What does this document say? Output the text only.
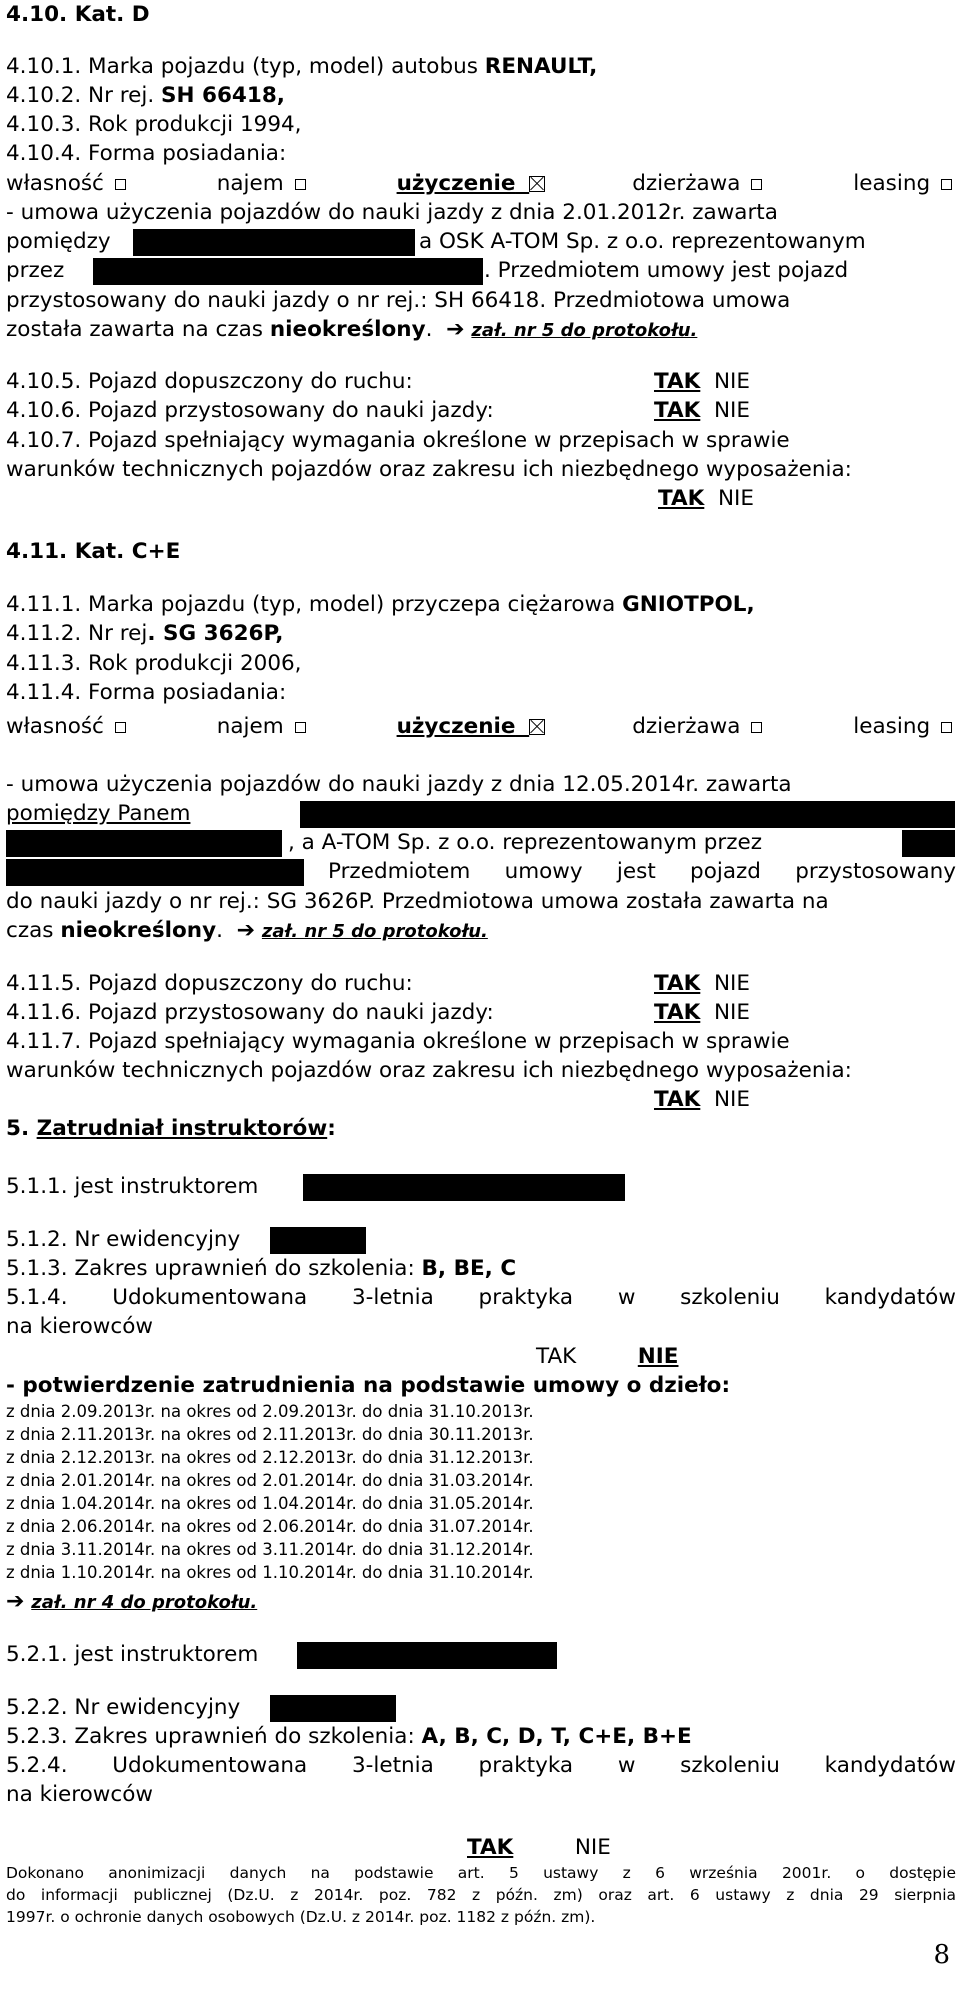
4.10. Kat. D
4.10.1. Marka pojazdu (typ, model) autobus RENAULT,
4.10.2. Nr rej. SH 66418,
4.10.3. Rok produkcji 1994,
4.10.4. Forma posiadania:
własność	najem	użyczenie	dzierżawa	leasing
- umowa użyczenia pojazdów do nauki jazdy z dnia 2.01.2012r. zawarta
pomiędzy	a OSK A-TOM Sp. z o.o. reprezentowanym
przez	. Przedmiotem umowy jest pojazd
przystosowany do nauki jazdy o nr rej.: SH 66418. Przedmiotowa umowa
została zawarta na czas nieokreślony. ➔ zał. nr 5 do protokołu.
4.10.5. Pojazd dopuszczony do ruchu:	TAK NIE
4.10.6. Pojazd przystosowany do nauki jazdy:	TAK NIE
4.10.7. Pojazd spełniający wymagania określone w przepisach w sprawie
warunków technicznych pojazdów oraz zakresu ich niezbędnego wyposażenia:
TAK NIE
4.11. Kat. C+E
4.11.1. Marka pojazdu (typ, model) przyczepa ciężarowa GNIOTPOL,
4.11.2. Nr rej. SG 3626P,
4.11.3. Rok produkcji 2006,
4.11.4. Forma posiadania:
własność	najem	użyczenie	dzierżawa	leasing
- umowa użyczenia pojazdów do nauki jazdy z dnia 12.05.2014r. zawarta
pomiędzy Panem
, a A-TOM Sp. z o.o. reprezentowanym przez
Przedmiotem umowy jest pojazd przystosowany
do nauki jazdy o nr rej.: SG 3626P. Przedmiotowa umowa została zawarta na
czas nieokreślony. ➔ zał. nr 5 do protokołu.
4.11.5. Pojazd dopuszczony do ruchu:	TAK NIE
4.11.6. Pojazd przystosowany do nauki jazdy:	TAK NIE
4.11.7. Pojazd spełniający wymagania określone w przepisach w sprawie
warunków technicznych pojazdów oraz zakresu ich niezbędnego wyposażenia:
TAK NIE
5. Zatrudniał instruktorów:
5.1.1. jest instruktorem
5.1.2. Nr ewidencyjny
5.1.3. Zakres uprawnień do szkolenia: B, BE, C
5.1.4. Udokumentowana 3-letnia praktyka w szkoleniu kandydatów
na kierowców
TAK	NIE
- potwierdzenie zatrudnienia na podstawie umowy o dzieło:
z dnia 2.09.2013r. na okres od 2.09.2013r. do dnia 31.10.2013r.
z dnia 2.11.2013r. na okres od 2.11.2013r. do dnia 30.11.2013r.
z dnia 2.12.2013r. na okres od 2.12.2013r. do dnia 31.12.2013r.
z dnia 2.01.2014r. na okres od 2.01.2014r. do dnia 31.03.2014r.
z dnia 1.04.2014r. na okres od 1.04.2014r. do dnia 31.05.2014r.
z dnia 2.06.2014r. na okres od 2.06.2014r. do dnia 31.07.2014r.
z dnia 3.11.2014r. na okres od 3.11.2014r. do dnia 31.12.2014r.
z dnia 1.10.2014r. na okres od 1.10.2014r. do dnia 31.10.2014r.
➔ zał. nr 4 do protokołu.
5.2.1. jest instruktorem
5.2.2. Nr ewidencyjny
5.2.3. Zakres uprawnień do szkolenia: A, B, C, D, T, C+E, B+E
5.2.4. Udokumentowana 3-letnia praktyka w szkoleniu kandydatów
na kierowców
TAK	NIE
Dokonano anonimizacji danych na podstawie art. 5 ustawy z 6 września 2001r. o dostępie
do informacji publicznej (Dz.U. z 2014r. poz. 782 z późn. zm) oraz art. 6 ustawy z dnia 29 sierpnia
1997r. o ochronie danych osobowych (Dz.U. z 2014r. poz. 1182 z późn. zm).
8
